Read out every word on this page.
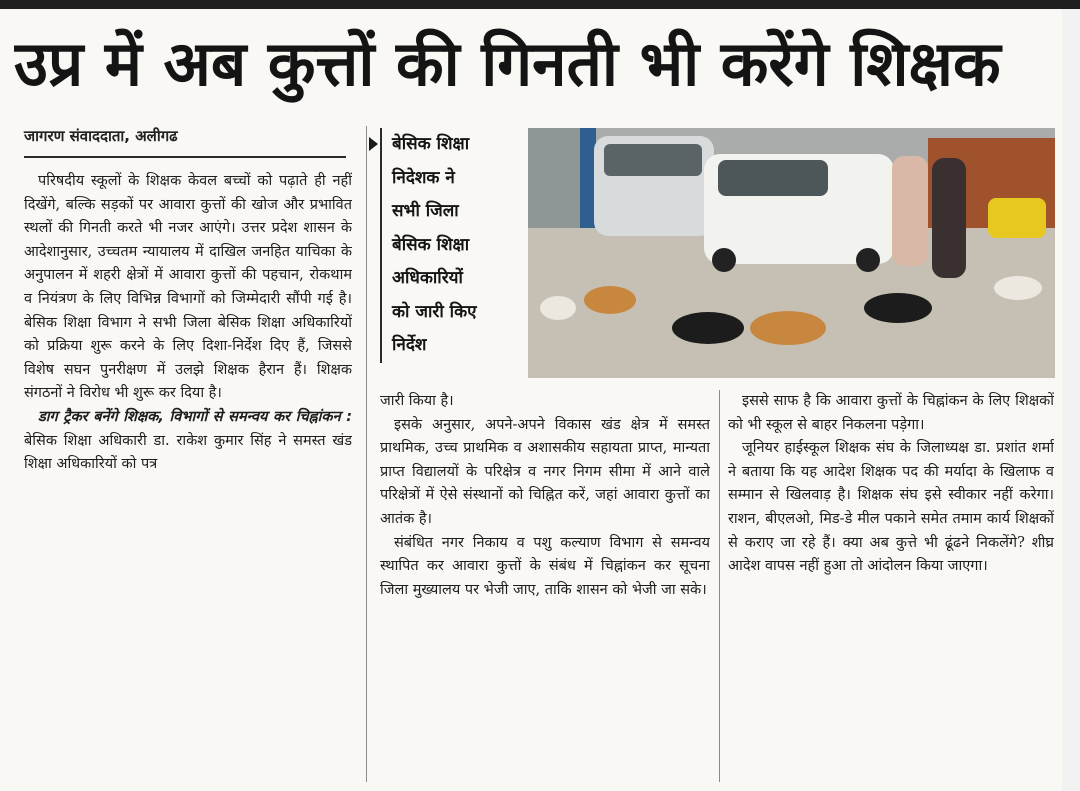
उप्र में अब कुत्तों की गिनती भी करेंगे शिक्षक
जागरण संवाददाता, अलीगढ

परिषदीय स्कूलों के शिक्षक केवल बच्चों को पढ़ाते ही नहीं दिखेंगे, बल्कि सड़कों पर आवारा कुत्तों की खोज और प्रभावित स्थलों की गिनती करते भी नजर आएंगे। उत्तर प्रदेश शासन के आदेशानुसार, उच्चतम न्यायालय में दाखिल जनहित याचिका के अनुपालन में शहरी क्षेत्रों में आवारा कुत्तों की पहचान, रोकथाम व नियंत्रण के लिए विभिन्न विभागों को जिम्मेदारी सौंपी गई है। बेसिक शिक्षा विभाग ने सभी जिला बेसिक शिक्षा अधिकारियों को प्रक्रिया शुरू करने के लिए दिशा-निर्देश दिए हैं, जिससे विशेष सघन पुनरीक्षण में उलझे शिक्षक हैरान हैं। शिक्षक संगठनों ने विरोध भी शुरू कर दिया है।

डाग ट्रैकर बनेंगे शिक्षक, विभागों से समन्वय कर चिह्नांकन : बेसिक शिक्षा अधिकारी डा. राकेश कुमार सिंह ने समस्त खंड शिक्षा अधिकारियों को पत्र

बेसिक शिक्षा
निदेशक ने
सभी जिला
बेसिक शिक्षा
अधिकारियों
को जारी किए
निर्देश

जारी किया है।

इसके अनुसार, अपने-अपने विकास खंड क्षेत्र में समस्त प्राथमिक, उच्च प्राथमिक व अशासकीय सहायता प्राप्त, मान्यता प्राप्त विद्यालयों के परिक्षेत्र व नगर निगम सीमा में आने वाले परिक्षेत्रों में ऐसे संस्थानों को चिह्नित करें, जहां आवारा कुत्तों का आतंक है।

संबंधित नगर निकाय व पशु कल्याण विभाग से समन्वय स्थापित कर आवारा कुत्तों के संबंध में चिह्नांकन कर सूचना जिला मुख्यालय पर भेजी जाए, ताकि शासन को भेजी जा सके।

इससे साफ है कि आवारा कुत्तों के चिह्नांकन के लिए शिक्षकों को भी स्कूल से बाहर निकलना पड़ेगा।

जूनियर हाईस्कूल शिक्षक संघ के जिलाध्यक्ष डा. प्रशांत शर्मा ने बताया कि यह आदेश शिक्षक पद की मर्यादा के खिलाफ व सम्मान से खिलवाड़ है। शिक्षक संघ इसे स्वीकार नहीं करेगा। राशन, बीएलओ, मिड-डे मील पकाने समेत तमाम कार्य शिक्षकों से कराए जा रहे हैं। क्या अब कुत्ते भी ढूंढने निकलेंगे? शीघ्र आदेश वापस नहीं हुआ तो आंदोलन किया जाएगा।
